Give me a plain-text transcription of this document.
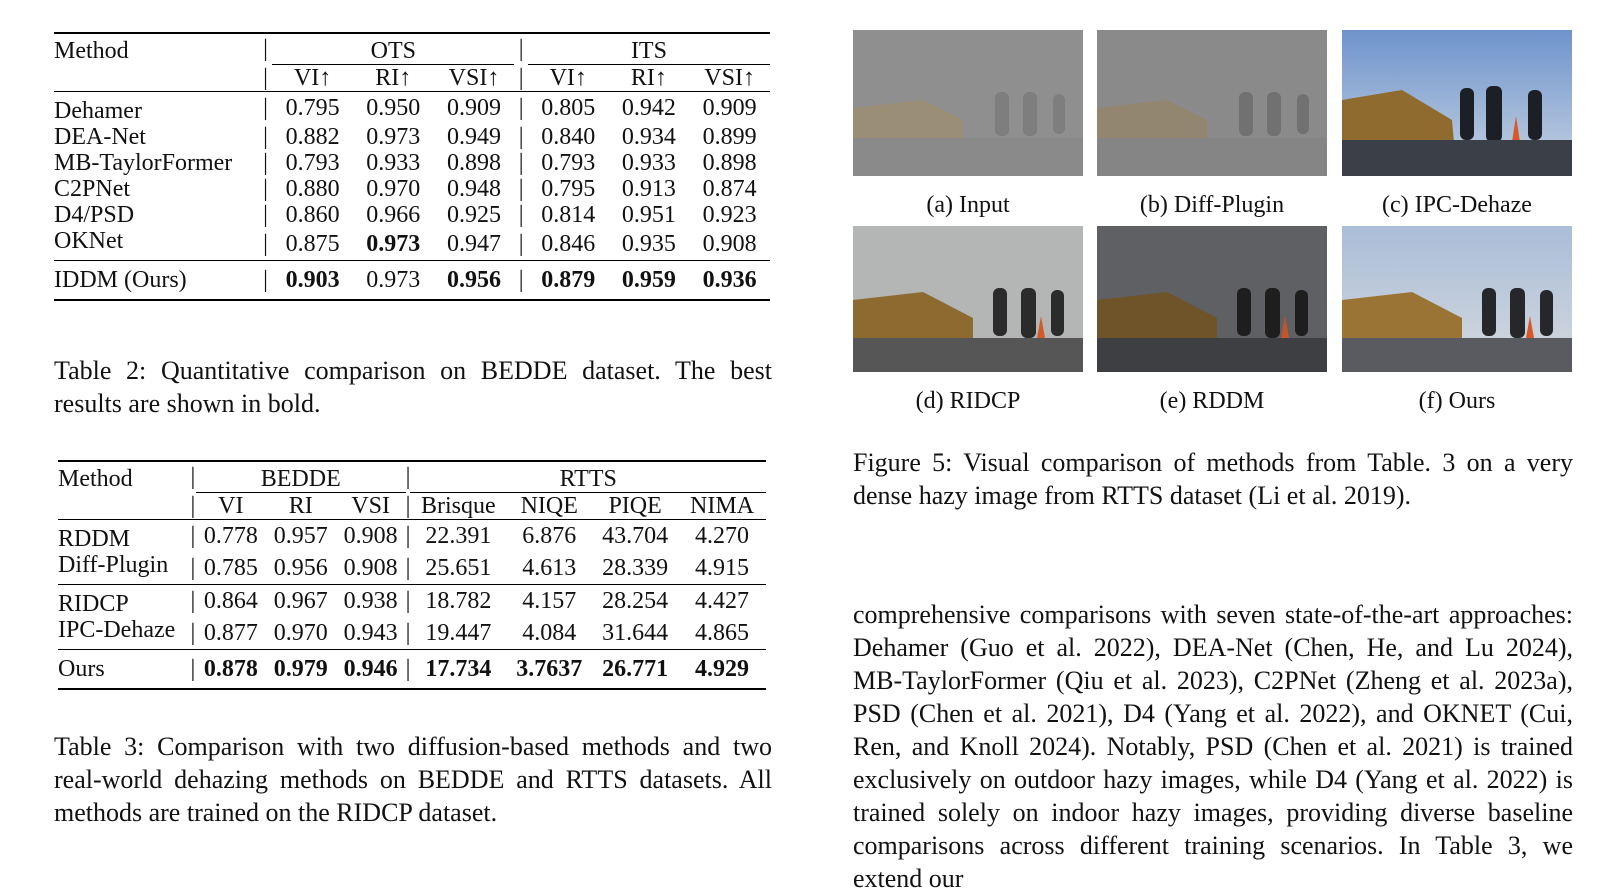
Method	|	OTS			|	ITS		
	|	VI↑	RI↑	VSI↑	|	VI↑	RI↑	VSI↑
Dehamer	|	0.795	0.950	0.909	|	0.805	0.942	0.909
DEA-Net	|	0.882	0.973	0.949	|	0.840	0.934	0.899
MB-TaylorFormer	|	0.793	0.933	0.898	|	0.793	0.933	0.898
C2PNet	|	0.880	0.970	0.948	|	0.795	0.913	0.874
D4/PSD	|	0.860	0.966	0.925	|	0.814	0.951	0.923
OKNet	|	0.875	0.973	0.947	|	0.846	0.935	0.908
IDDM (Ours)	|	0.903	0.973	0.956	|	0.879	0.959	0.936
Table 2: Quantitative comparison on BEDDE dataset. The best results are shown in bold.
Method	|	BEDDE			|	RTTS			
	|	VI	RI	VSI	|	Brisque	NIQE	PIQE	NIMA
RDDM	|	0.778	0.957	0.908	|	22.391	6.876	43.704	4.270
Diff-Plugin	|	0.785	0.956	0.908	|	25.651	4.613	28.339	4.915
RIDCP	|	0.864	0.967	0.938	|	18.782	4.157	28.254	4.427
IPC-Dehaze	|	0.877	0.970	0.943	|	19.447	4.084	31.644	4.865
Ours	|	0.878	0.979	0.946	|	17.734	3.7637	26.771	4.929
Table 3: Comparison with two diffusion-based methods and two real-world dehazing methods on BEDDE and RTTS datasets. All methods are trained on the RIDCP dataset.
(a) Input	(b) Diff-Plugin	(c) IPC-Dehaze
(d) RIDCP	(e) RDDM	(f) Ours
Figure 5: Visual comparison of methods from Table. 3 on a very dense hazy image from RTTS dataset (Li et al. 2019).
comprehensive comparisons with seven state-of-the-art approaches: Dehamer (Guo et al. 2022), DEA-Net (Chen, He, and Lu 2024), MB-TaylorFormer (Qiu et al. 2023), C2PNet (Zheng et al. 2023a), PSD (Chen et al. 2021), D4 (Yang et al. 2022), and OKNET (Cui, Ren, and Knoll 2024). Notably, PSD (Chen et al. 2021) is trained exclusively on outdoor hazy images, while D4 (Yang et al. 2022) is trained solely on indoor hazy images, providing diverse baseline comparisons across different training scenarios. In Table 3, we extend our
